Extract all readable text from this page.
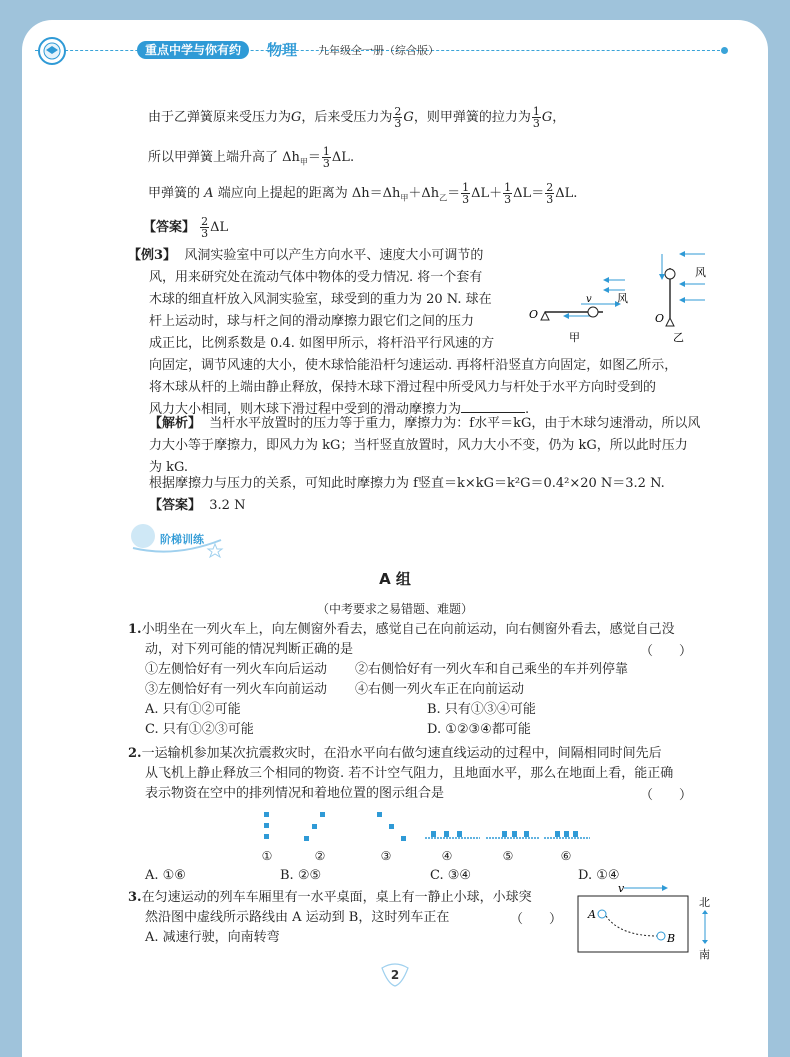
重点中学与你有约	物理 九年级全一册（综合版）
由于乙弹簧原来受压力为G，后来受压力为 $\frac{2}{3}$ G，则甲弹簧的拉力为 $\frac{1}{3}$ G，
所以甲弹簧上端升高了 $\Delta h_甲= \frac{1}{3} \Delta L$.
甲弹簧的 A 端应向上提起的距离为 $\Delta h=\Delta h_甲+\Delta h_乙= \frac{1}{3} \Delta L+ \frac{1}{3} \Delta L= \frac{2}{3} \Delta L$.
【答案】 $\frac{2}{3}$ ΔL
【例3】 风洞实验室中可以产生方向水平、速度大小可调节的
风，用来研究处在流动气体中物体的受力情况. 将一个套有
木球的细直杆放入风洞实验室，球受到的重力为 20 N. 球在
杆上运动时，球与杆之间的滑动摩擦力跟它们之间的压力
成正比，比例系数是 0.4. 如图甲所示，将杆沿平行风速的方
向固定，调节风速的大小，使木球恰能沿杆匀速运动. 再将杆沿竖直方向固定，如图乙所示，
将木球从杆的上端由静止释放，保持木球下滑过程中所受风力与杆处于水平方向时受到的
风力大小相同，则木球下滑过程中受到的滑动摩擦力为	.
v 风
O
甲
风
O
乙
【解析】 当杆水平放置时的压力等于重力，摩擦力为：f水平＝kG，由于木球匀速滑动，所以风
力大小等于摩擦力，即风力为 kG；当杆竖直放置时，风力大小不变，仍为 kG，所以此时压力
为 kG.
根据摩擦力与压力的关系，可知此时摩擦力为 f竖直＝k×kG＝k²G＝0.4²×20 N＝3.2 N.
【答案】 3.2 N
阶梯训练
A 组
（中考要求之易错题、难题）
1.小明坐在一列火车上，向左侧窗外看去，感觉自己在向前运动，向右侧窗外看去，感觉自己没
动，对下列可能的情况判断正确的是	（　　）
①左侧恰好有一列火车向后运动 ②右侧恰好有一列火车和自己乘坐的车并列停靠
③左侧恰好有一列火车向前运动 ④右侧一列火车正在向前运动
A. 只有①②可能	B. 只有①③④可能
C. 只有①②③可能	D. ①②③④都可能
2.一运输机参加某次抗震救灾时，在沿水平向右做匀速直线运动的过程中，间隔相同时间先后
从飞机上静止释放三个相同的物资. 若不计空气阻力，且地面水平，那么在地面上看，能正确
表示物资在空中的排列情况和着地位置的图示组合是	（　　）
①	②	③	④	⑤	⑥
A. ①⑥	B. ②⑤	C. ③④	D. ①④
3.在匀速运动的列车车厢里有一水平桌面，桌上有一静止小球，小球突
然沿图中虚线所示路线由 A 运动到 B，这时列车正在	（　　）
A. 减速行驶，向南转弯
v
A
B
北
南
2
